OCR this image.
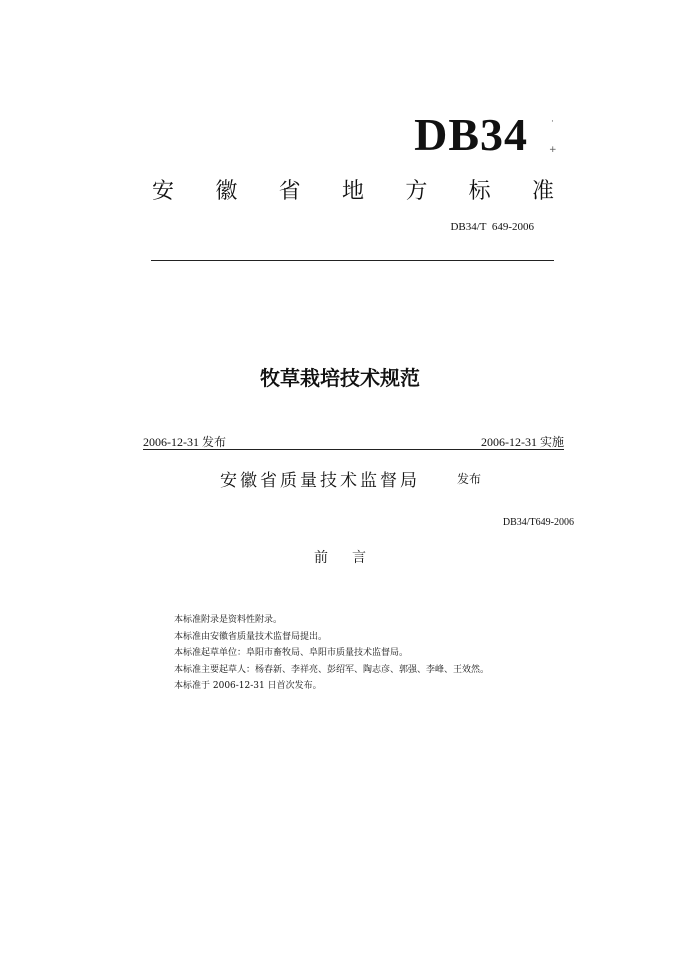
DB34	·
+
安 徽 省 地 方 标 准
DB34/T  649-2006
牧草栽培技术规范
2006-12-31 发布	2006-12-31 实施
安徽省质量技术监督局	发布
DB34/T649-2006
前言
本标准附录是资料性附录。
本标准由安徽省质量技术监督局提出。
本标准起草单位：阜阳市畜牧局、阜阳市质量技术监督局。
本标准主要起草人：杨春新、李祥亮、彭绍军、陶志彦、郭强、李峰、王效然。
本标准于 2006-12-31 日首次发布。
